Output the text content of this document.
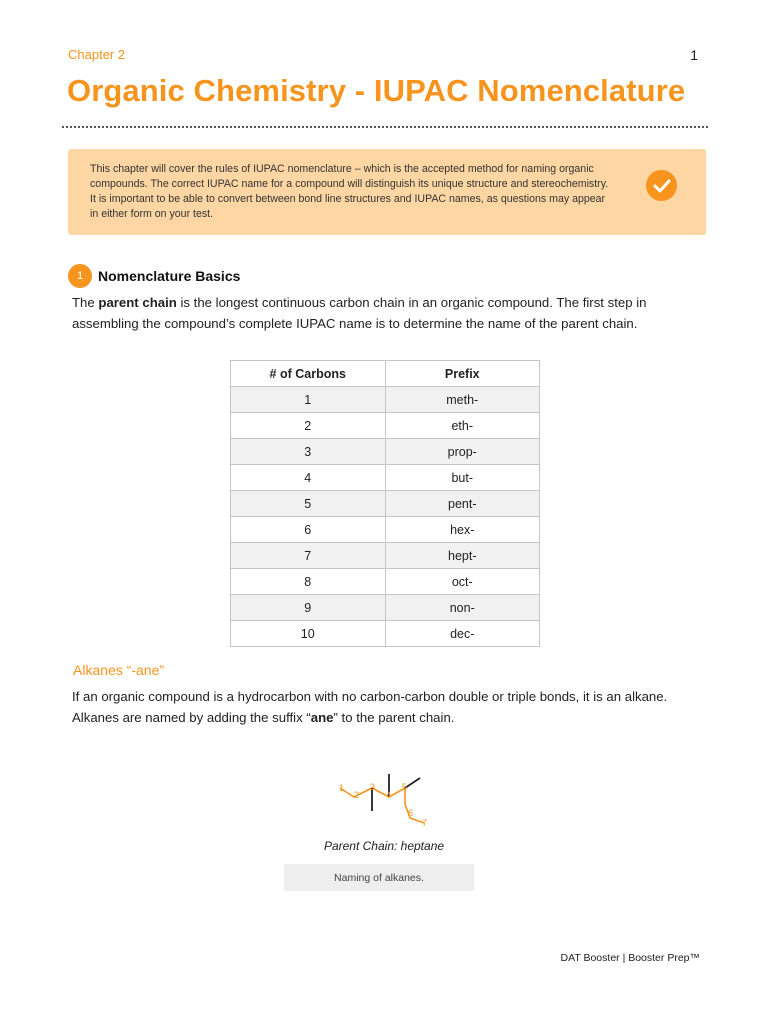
Chapter 2	1
Organic Chemistry - IUPAC Nomenclature
This chapter will cover the rules of IUPAC nomenclature – which is the accepted method for naming organic compounds. The correct IUPAC name for a compound will distinguish its unique structure and stereochemistry. It is important to be able to convert between bond line structures and IUPAC names, as questions may appear in either form on your test.
1	Nomenclature Basics

The parent chain is the longest continuous carbon chain in an organic compound. The first step in assembling the compound’s complete IUPAC name is to determine the name of the parent chain.

# of Carbons	Prefix
1	meth-
2	eth-
3	prop-
4	but-
5	pent-
6	hex-
7	hept-
8	oct-
9	non-
10	dec-
Alkanes “-ane”

If an organic compound is a hydrocarbon with no carbon-carbon double or triple bonds, it is an alkane. Alkanes are named by adding the suffix “ane” to the parent chain.

1
2
3
4
5
6
7
Parent Chain: heptane
Naming of alkanes.
DAT Booster | Booster Prep™
